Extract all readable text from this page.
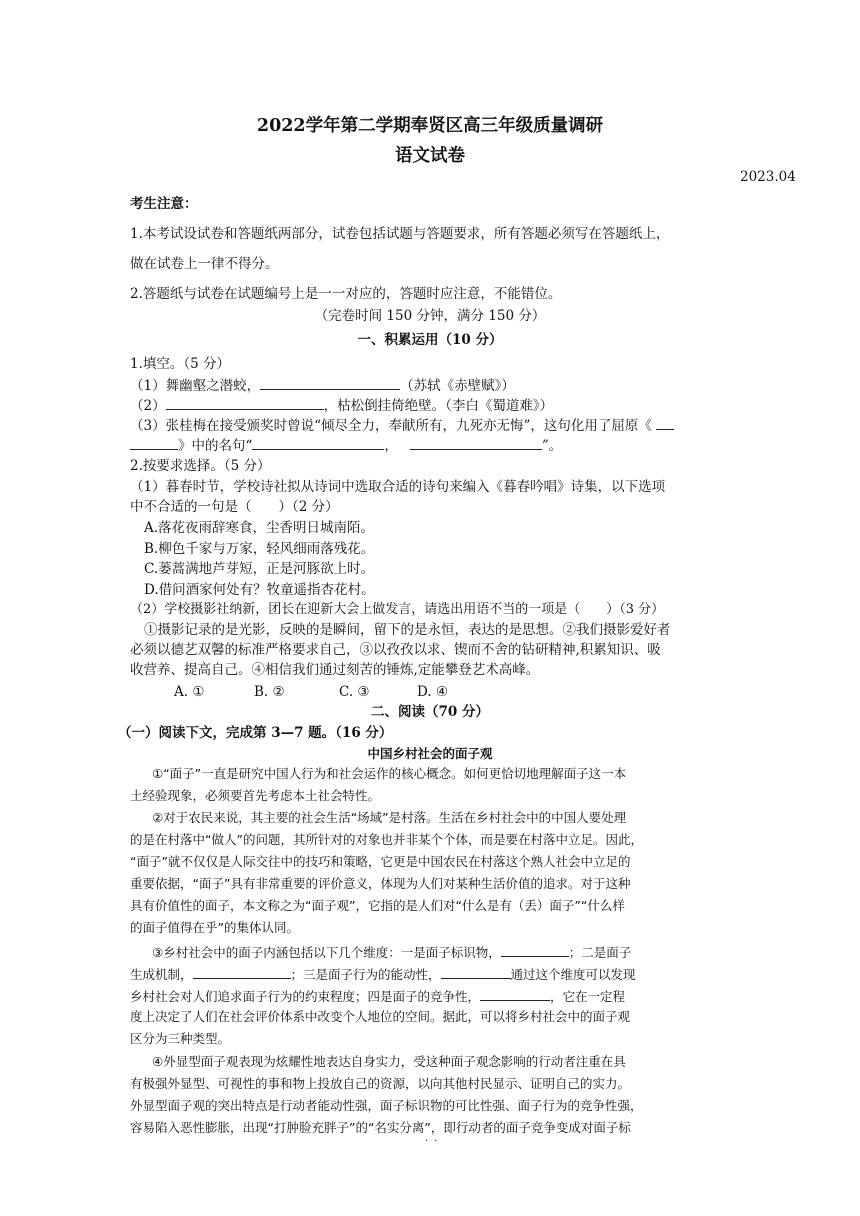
2022学年第二学期奉贤区高三年级质量调研
语文试卷
2023.04
考生注意：
1.本考试设试卷和答题纸两部分，试卷包括试题与答题要求，所有答题必须写在答题纸上，
做在试卷上一律不得分。
2.答题纸与试卷在试题编号上是一一对应的，答题时应注意，不能错位。
（完卷时间 150 分钟，满分 150 分）
一、积累运用（10 分）
1.填空。（5 分）
（1）舞幽壑之潜蛟，	（苏轼《赤壁赋》）
（2）	，枯松倒挂倚绝壁。（李白《蜀道难》）
（3）张桂梅在接受颁奖时曾说“倾尽全力，奉献所有，九死亦无悔”，这句化用了屈原《
》中的名句“	，	”。
2.按要求选择。（5 分）
（1）暮春时节，学校诗社拟从诗词中选取合适的诗句来编入《暮春吟唱》诗集，以下选项
中不合适的一句是（　　）（2 分）
A.落花夜雨辞寒食，尘香明日城南陌。
B.柳色千家与万家，轻风细雨落残花。
C.蒌蒿满地芦芽短，正是河豚欲上时。
D.借问酒家何处有？牧童遥指杏花村。
（2）学校摄影社纳新，团长在迎新大会上做发言，请选出用语不当的一项是（　　）（3 分）
①摄影记录的是光影，反映的是瞬间，留下的是永恒，表达的是思想。②我们摄影爱好者
必须以德艺双馨的标准严格要求自己，③以孜孜以求、锲而不舍的钻研精神,积累知识、吸
收营养、提高自己。④相信我们通过刻苦的锤炼,定能攀登艺术高峰。
A. ①	B. ②	C. ③	D. ④
二、阅读（70 分）
（一）阅读下文，完成第 3—7 题。（16 分）
中国乡村社会的面子观
①“面子”一直是研究中国人行为和社会运作的核心概念。如何更恰切地理解面子这一本
土经验现象，必须要首先考虑本土社会特性。
②对于农民来说，其主要的社会生活“场域”是村落。生活在乡村社会中的中国人要处理
的是在村落中“做人”的问题，其所针对的对象也并非某个个体，而是要在村落中立足。因此，
“面子”就不仅仅是人际交往中的技巧和策略，它更是中国农民在村落这个熟人社会中立足的
重要依据，“面子”具有非常重要的评价意义，体现为人们对某种生活价值的追求。对于这种
具有价值性的面子，本文称之为“面子观”，它指的是人们对“什么是有（丢）面子”“什么样
的面子值得在乎”的集体认同。
③乡村社会中的面子内涵包括以下几个维度：一是面子标识物，	；二是面子
生成机制，	；三是面子行为的能动性，	通过这个维度可以发现
乡村社会对人们追求面子行为的约束程度；四是面子的竞争性，	，它在一定程
度上决定了人们在社会评价体系中改变个人地位的空间。据此，可以将乡村社会中的面子观
区分为三种类型。
④外显型面子观表现为炫耀性地表达自身实力，受这种面子观念影响的行动者注重在具
有极强外显型、可视性的事和物上投放自己的资源，以向其他村民显示、证明自己的实力。
外显型面子观的突出特点是行动者能动性强，面子标识物的可比性强、面子行为的竞争性强，
容易陷入恶性膨胀，出现“打肿脸充胖子”的“名实分离”，即行动者的面子竞争变成对面子标
··
